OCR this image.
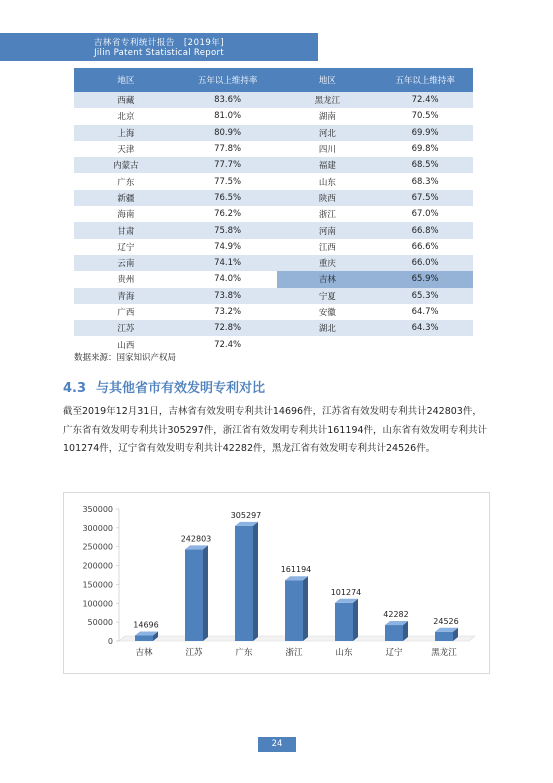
吉林省专利统计报告　[2019年]
Jilin Patent Statistical Report
地区	五年以上维持率	地区	五年以上维持率
西藏	83.6%	黑龙江	72.4%
北京	81.0%	湖南	70.5%
上海	80.9%	河北	69.9%
天津	77.8%	四川	69.8%
内蒙古	77.7%	福建	68.5%
广东	77.5%	山东	68.3%
新疆	76.5%	陕西	67.5%
海南	76.2%	浙江	67.0%
甘肃	75.8%	河南	66.8%
辽宁	74.9%	江西	66.6%
云南	74.1%	重庆	66.0%
贵州	74.0%	吉林	65.9%
青海	73.8%	宁夏	65.3%
广西	73.2%	安徽	64.7%
江苏	72.8%	湖北	64.3%
山西	72.4%		
数据来源：国家知识产权局
4.3 与其他省市有效发明专利对比
截至2019年12月31日，吉林省有效发明专利共计14696件，江苏省有效发明专利共计242803件，广东省有效发明专利共计305297件，浙江省有效发明专利共计161194件，山东省有效发明专利共计101274件，辽宁省有效发明专利共计42282件，黑龙江省有效发明专利共计24526件。
0
50000
100000
150000
200000
250000
300000
350000
14696
吉林
242803
江苏
305297
广东
161194
浙江
101274
山东
42282
辽宁
24526
黑龙江
24
